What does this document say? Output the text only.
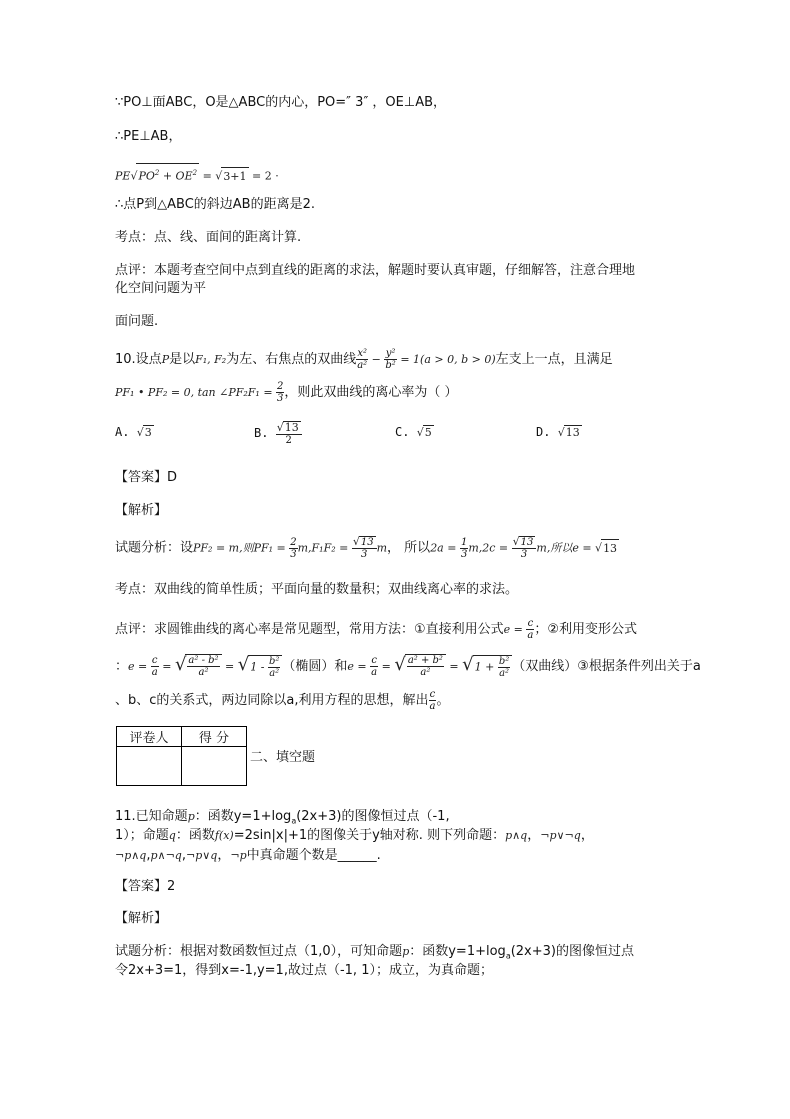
∵PO⊥面ABC，O是△ABC的内心，PO=″ 3″ ，OE⊥AB，
∴PE⊥AB，
$PE√PO^2 + OE^2 = √3+1 = 2$ ·
∴点P到△ABC的斜边AB的距离是2.
考点：点、线、面间的距离计算.
点评：本题考查空间中点到直线的距离的求法，解题时要认真审题，仔细解答，注意合理地
化空间问题为平
面问题.
10.设点P是以F₁, F₂为左、右焦点的双曲线 $\frac{\text{x²}}{\text{a²}} - \frac{\text{y²}}{\text{b²}} = 1(a > 0$, b > 0)左支上一点，且满足
PF₁ • PF₂ = 0, tan ∠PF₂F₁ = $\frac{2}{3}$ ，则此双曲线的离心率为（ ）
A. √3	B. $\frac{√13}{2}$	C. √5	D. √13
【答案】D
【解析】
试题分析：设PF₂ = m,则$PF_1 = \frac{2}{3} m,F_1F_2 = \frac{√13}{3}$ m， 所以$2a = \frac{1}{3} m,2c = \frac{√13}{3} m$,所以e = √13
考点：双曲线的简单性质；平面向量的数量积；双曲线离心率的求法。
点评：求圆锥曲线的离心率是常见题型，常用方法：①直接利用公式$e = \frac{c}{a}$ ；②利用变形公式
：$e = \frac{c}{a}$ = √ $\frac{\text{a² - b²}}{\text{a²}} = √1 - \frac{\text{b²}}{\text{a²}}$ （椭圆）和$e = \frac{c}{a}$ = √ $\frac{\text{a² + b²}}{\text{a²}} = √1 + \frac{\text{b²}}{\text{a²}}$ （双曲线）③根据条件列出关于a
、b、c的关系式，两边同除以a,利用方程的思想，解出 $\frac{c}{a}$ 。
评卷人	得 分

二、填空题
11.已知命题p：函数$y=1+\log_a(2x+3)$的图像恒过点（-1,
1）；命题q：函数f(x)=2sin|x|+1的图像关于y轴对称. 则下列命题：p∧q，¬p∨¬q，
¬p∧q,p∧¬q,¬p∨q，¬p中真命题个数是______.
【答案】2
【解析】
试题分析：根据对数函数恒过点（1,0），可知命题p：函数$y=1+\log_a(2x+3)$的图像恒过点
令2x+3=1，得到x=-1,y=1,故过点（-1, 1）；成立，为真命题；
